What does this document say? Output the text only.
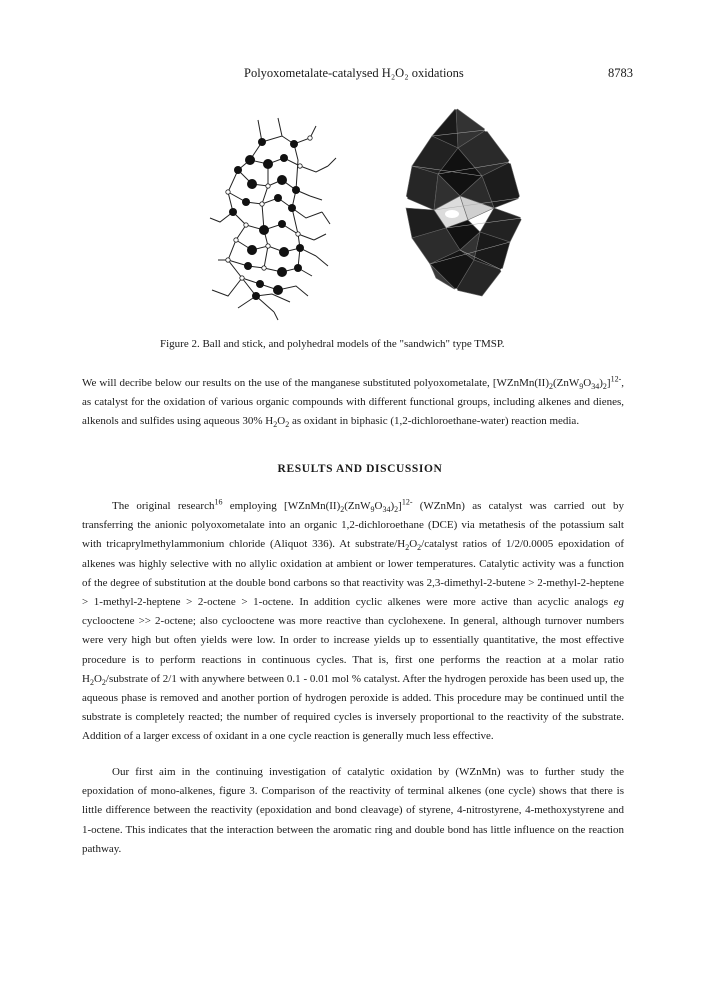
Polyoxometalate-catalysed H₂O₂ oxidations	8783
Figure 2. Ball and stick, and polyhedral models of the "sandwich" type TMSP.

We will decribe below our results on the use of the manganese substituted polyoxometalate, $[WZnMn(II)_2(ZnW_9O_{34})_2]^{12-}$, as catalyst for the oxidation of various organic compounds with different functional groups, including alkenes and dienes, alkenols and sulfides using aqueous 30% $H_2O_2$ as oxidant in biphasic (1,2-dichloroethane-water) reaction media.

RESULTS AND DISCUSSION

The original research$^{16}$ employing $[WZnMn(II)_2(ZnW_9O_{34})_2]^{12-}$ (WZnMn) as catalyst was carried out by transferring the anionic polyoxometalate into an organic 1,2-dichloroethane (DCE) via metathesis of the potassium salt with tricaprylmethylammonium chloride (Aliquot 336). At substrate/$H_2O_2$/catalyst ratios of 1/2/0.0005 epoxidation of alkenes was highly selective with no allylic oxidation at ambient or lower temperatures. Catalytic activity was a function of the degree of substitution at the double bond carbons so that reactivity was 2,3-dimethyl-2-butene > 2-methyl-2-heptene > 1-methyl-2-heptene > 2-octene > 1-octene. In addition cyclic alkenes were more active than acyclic analogs eg cyclooctene >> 2-octene; also cyclooctene was more reactive than cyclohexene. In general, although turnover numbers were very high but often yields were low. In order to increase yields up to essentially quantitative, the most effective procedure is to perform reactions in continuous cycles. That is, first one performs the reaction at a molar ratio $H_2O_2$/substrate of 2/1 with anywhere between 0.1 - 0.01 mol % catalyst. After the hydrogen peroxide has been used up, the aqueous phase is removed and another portion of hydrogen peroxide is added. This procedure may be continued until the substrate is completely reacted; the number of required cycles is inversely proportional to the reactivity of the substrate. Addition of a larger excess of oxidant in a one cycle reaction is generally much less effective.

Our first aim in the continuing investigation of catalytic oxidation by (WZnMn) was to further study the epoxidation of mono-alkenes, figure 3. Comparison of the reactivity of terminal alkenes (one cycle) shows that there is little difference between the reactivity (epoxidation and bond cleavage) of styrene, 4-nitrostyrene, 4-methoxystyrene and 1-octene. This indicates that the interaction between the aromatic ring and double bond has little influence on the reaction pathway.
